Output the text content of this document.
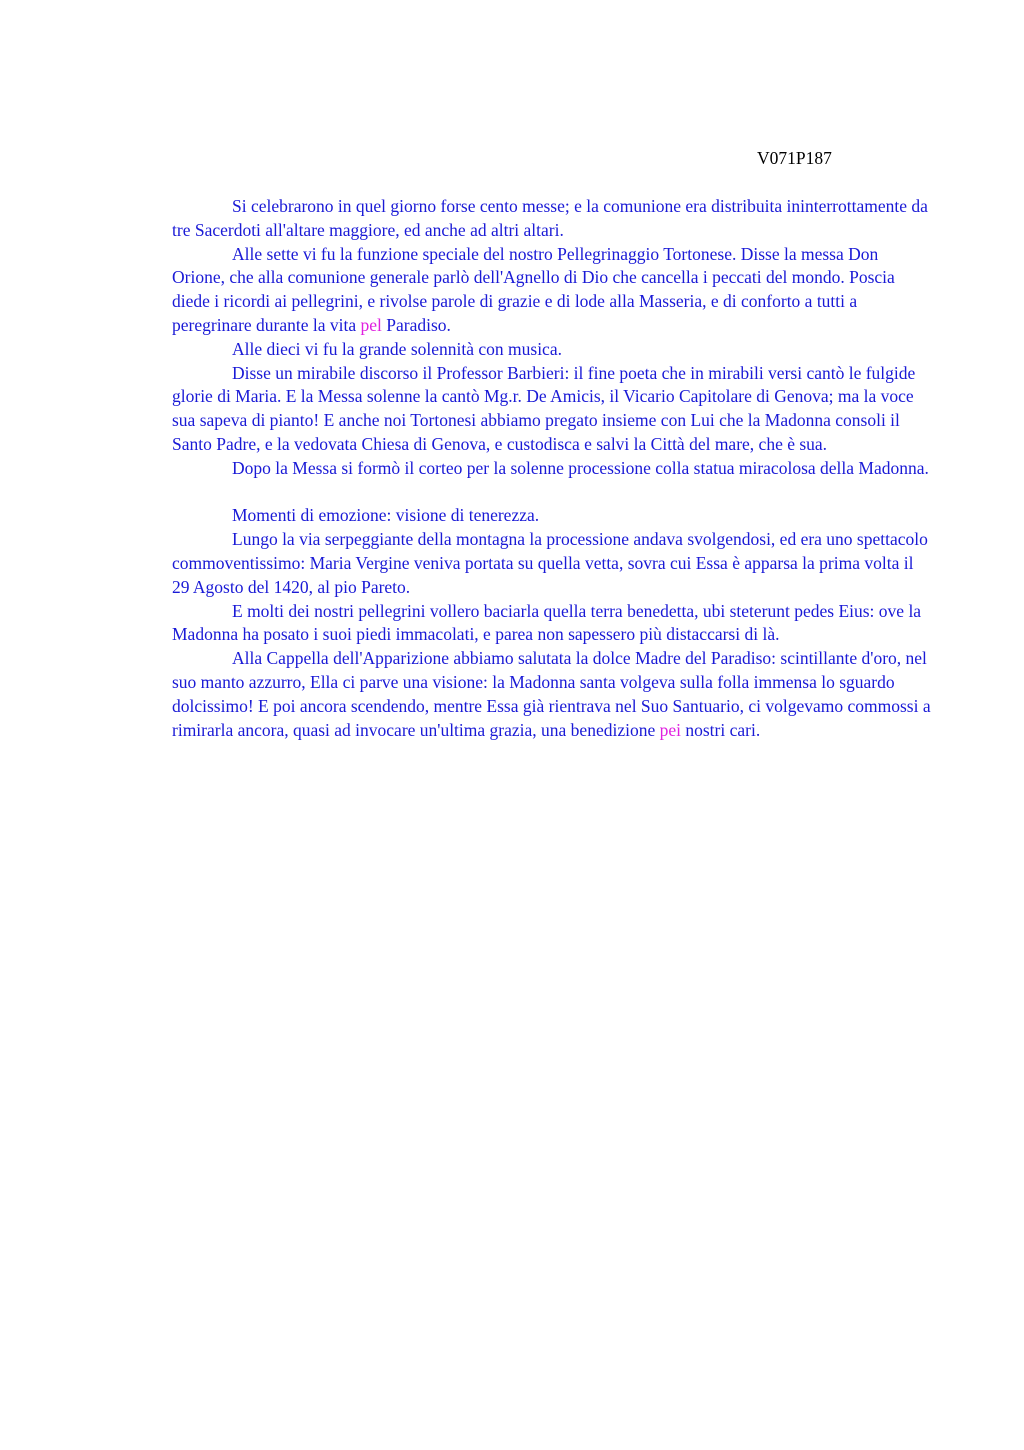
V071P187

Si celebrarono in quel giorno forse cento messe; e la comunione era distribuita ininterrottamente da tre Sacerdoti all'altare maggiore, ed anche ad altri altari.

Alle sette vi fu la funzione speciale del nostro Pellegrinaggio Tortonese. Disse la messa Don Orione, che alla comunione generale parlò dell'Agnello di Dio che cancella i peccati del mondo. Poscia diede i ricordi ai pellegrini, e rivolse parole di grazie e di lode alla Masseria, e di conforto a tutti a peregrinare durante la vita pel Paradiso.

Alle dieci vi fu la grande solennità con musica.

Disse un mirabile discorso il Professor Barbieri: il fine poeta che in mirabili versi cantò le fulgide glorie di Maria. E la Messa solenne la cantò Mg.r. De Amicis, il Vicario Capitolare di Genova; ma la voce sua sapeva di pianto! E anche noi Tortonesi abbiamo pregato insieme con Lui che la Madonna consoli il Santo Padre, e la vedovata Chiesa di Genova, e custodisca e salvi la Città del mare, che è sua.

Dopo la Messa si formò il corteo per la solenne processione colla statua miracolosa della Madonna.

Momenti di emozione: visione di tenerezza.

Lungo la via serpeggiante della montagna la processione andava svolgendosi, ed era uno spettacolo commoventissimo: Maria Vergine veniva portata su quella vetta, sovra cui Essa è apparsa la prima volta il 29 Agosto del 1420, al pio Pareto.

E molti dei nostri pellegrini vollero baciarla quella terra benedetta, ubi steterunt pedes Eius: ove la Madonna ha posato i suoi piedi immacolati, e parea non sapessero più distaccarsi di là.

Alla Cappella dell'Apparizione abbiamo salutata la dolce Madre del Paradiso: scintillante d'oro, nel suo manto azzurro, Ella ci parve una visione: la Madonna santa volgeva sulla folla immensa lo sguardo dolcissimo! E poi ancora scendendo, mentre Essa già rientrava nel Suo Santuario, ci volgevamo commossi a rimirarla ancora, quasi ad invocare un'ultima grazia, una benedizione pei nostri cari.
